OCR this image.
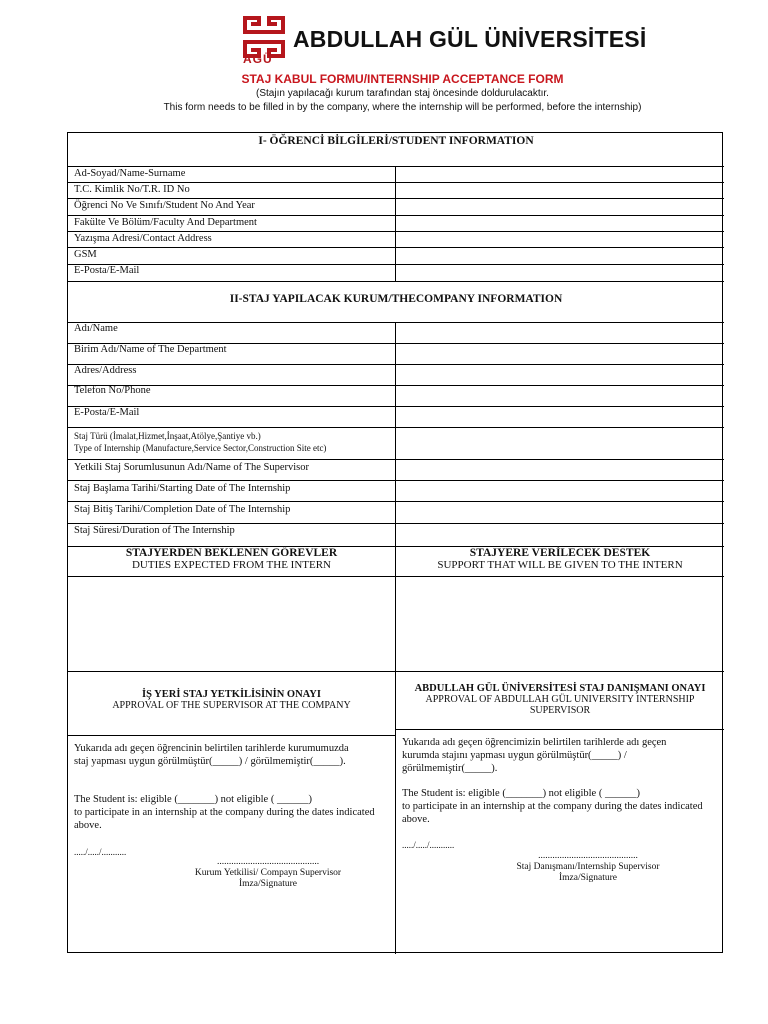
AGÜ
ABDULLAH GÜL ÜNİVERSİTESİ
STAJ KABUL FORMU/INTERNSHIP ACCEPTANCE FORM
(Stajın yapılacağı kurum tarafından staj öncesinde doldurulacaktır.
This form needs to be filled in by the company, where the internship will be performed, before the internship)
I- ÖĞRENCİ BİLGİLERİ/STUDENT INFORMATION
Ad-Soyad/Name-Surname
T.C. Kimlik No/T.R. ID No
Öğrenci No Ve Sınıfı/Student No And Year
Fakülte Ve Bölüm/Faculty And Department
Yazışma Adresi/Contact Address
GSM
E-Posta/E-Mail
II-STAJ YAPILACAK KURUM/THECOMPANY INFORMATION
Adı/Name
Birim Adı/Name of The Department
Adres/Address
Telefon No/Phone
E-Posta/E-Mail
Staj Türü (İmalat,Hizmet,İnşaat,Atölye,Şantiye vb.)
Type of Internship (Manufacture,Service Sector,Construction Site etc)
Yetkili Staj Sorumlusunun Adı/Name of The Supervisor
Staj Başlama Tarihi/Starting Date of The Internship
Staj Bitiş Tarihi/Completion Date of The Internship
Staj Süresi/Duration of The Internship
STAJYERDEN BEKLENEN GÖREVLER
DUTIES EXPECTED FROM THE INTERN
STAJYERE VERİLECEK DESTEK
SUPPORT THAT WILL BE GIVEN TO THE INTERN
İŞ YERİ STAJ YETKİLİSİNİN ONAYI
APPROVAL OF THE SUPERVISOR AT THE COMPANY
ABDULLAH GÜL ÜNİVERSİTESİ STAJ DANIŞMANI ONAYI
APPROVAL OF ABDULLAH GÜL UNIVERSITY INTERNSHIP SUPERVISOR
Yukarıda adı geçen öğrencinin belirtilen tarihlerde kurumumuzda staj yapması uygun görülmüştür(_____) / görülmemiştir(_____).
The Student is: eligible (_______) not eligible ( ______)
to participate in an internship at the company during the dates indicated above.
...../...../...........
...........................................
Kurum Yetkilisi/ Compayn Supervisor
İmza/Signature
Yukarıda adı geçen öğrencimizin belirtilen tarihlerde adı geçen kurumda stajını yapması uygun görülmüştür(_____) / görülmemiştir(_____).
The Student is: eligible (_______) not eligible ( ______)
to participate in an internship at the company during the dates indicated above.
...../...../...........
..........................................
Staj Danışmanı/Internship Supervisor
İmza/Signature
